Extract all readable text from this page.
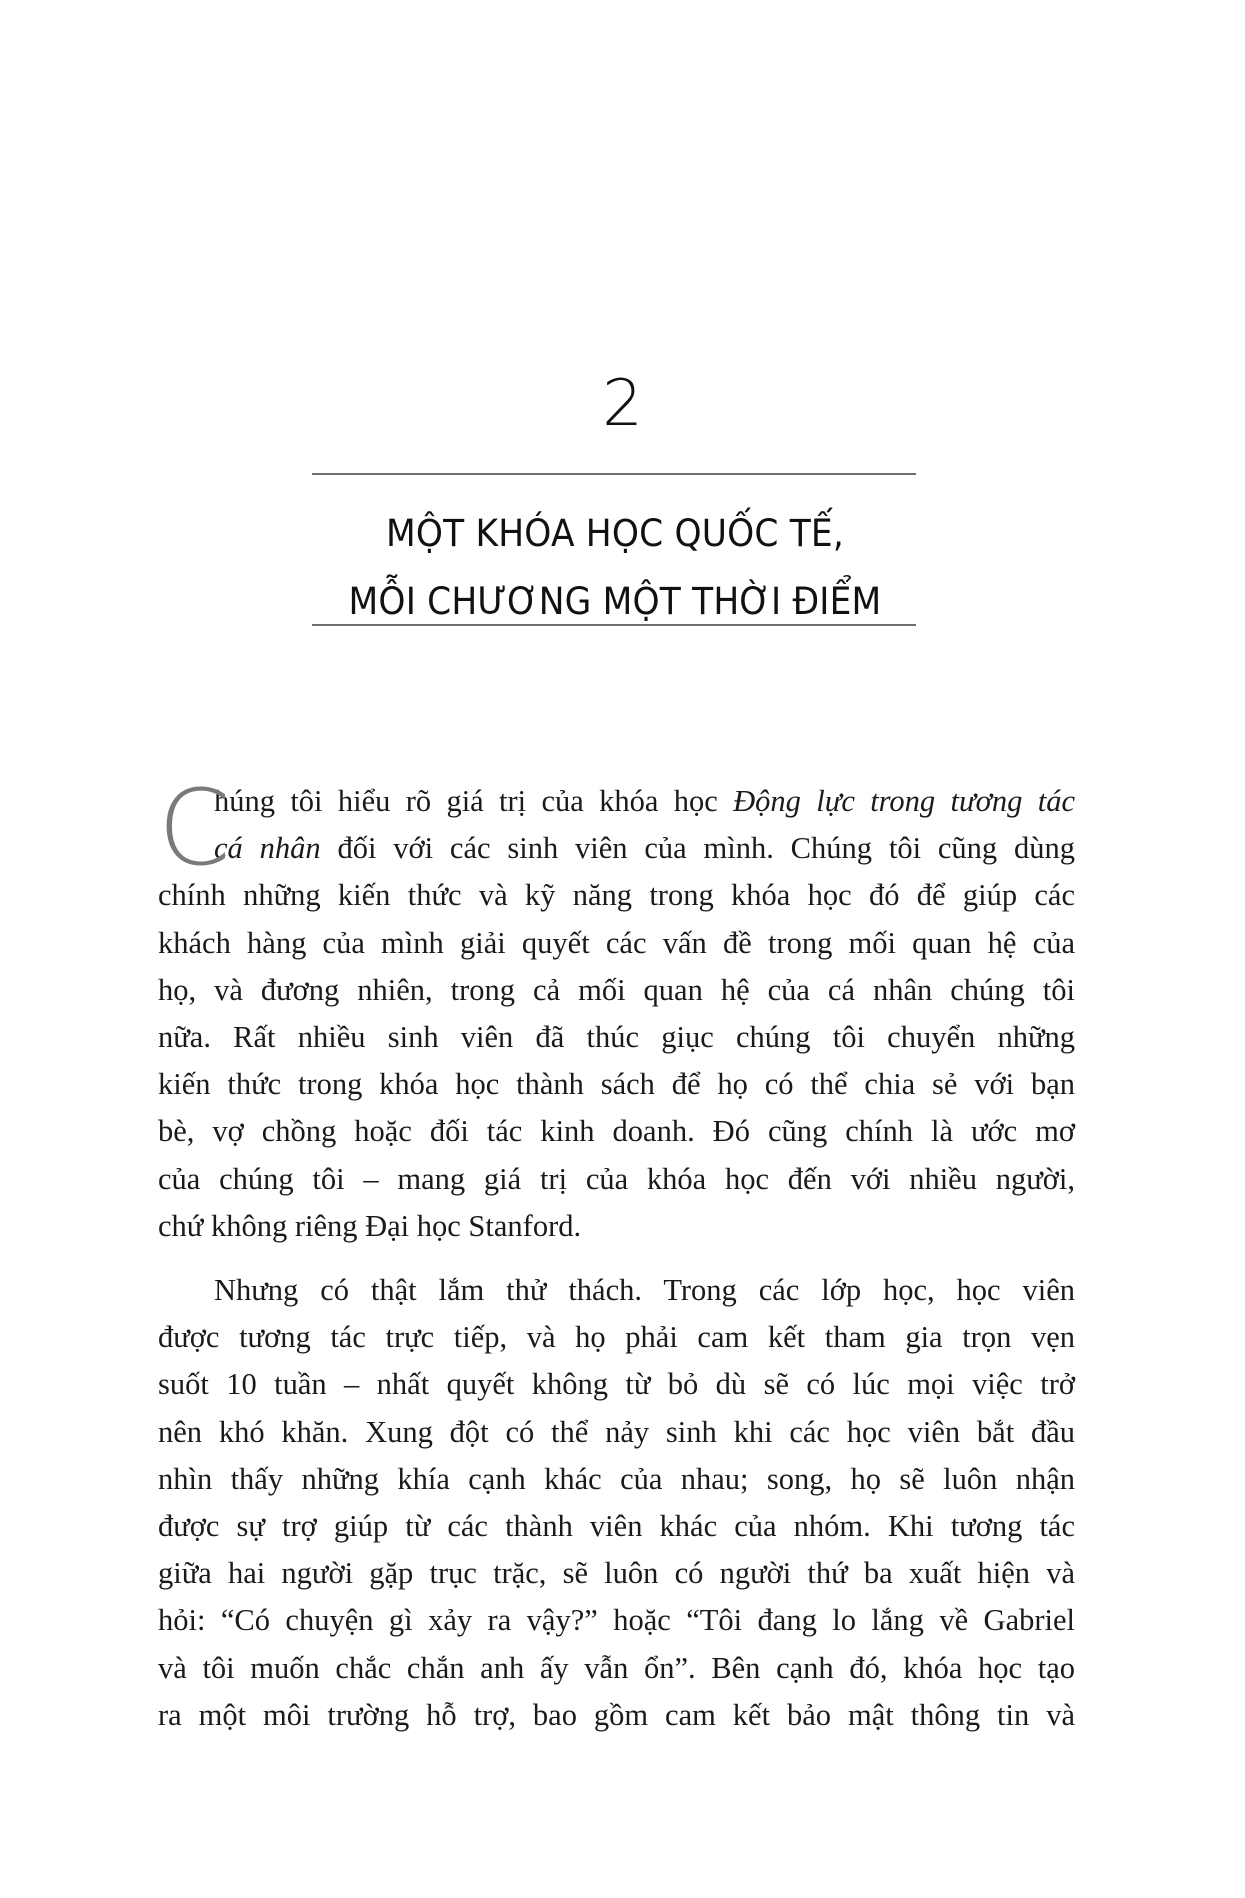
2
MỘT KHÓA HỌC QUỐC TẾ,
MỖI CHƯƠNG MỘT THỜI ĐIỂM
C
húng tôi hiểu rõ giá trị của khóa học Động lực trong tương tác
cá nhân đối với các sinh viên của mình. Chúng tôi cũng dùng
chính những kiến thức và kỹ năng trong khóa học đó để giúp các
khách hàng của mình giải quyết các vấn đề trong mối quan hệ của
họ, và đương nhiên, trong cả mối quan hệ của cá nhân chúng tôi
nữa. Rất nhiều sinh viên đã thúc giục chúng tôi chuyển những
kiến thức trong khóa học thành sách để họ có thể chia sẻ với bạn
bè, vợ chồng hoặc đối tác kinh doanh. Đó cũng chính là ước mơ
của chúng tôi – mang giá trị của khóa học đến với nhiều người,
chứ không riêng Đại học Stanford.
Nhưng có thật lắm thử thách. Trong các lớp học, học viên
được tương tác trực tiếp, và họ phải cam kết tham gia trọn vẹn
suốt 10 tuần – nhất quyết không từ bỏ dù sẽ có lúc mọi việc trở
nên khó khăn. Xung đột có thể nảy sinh khi các học viên bắt đầu
nhìn thấy những khía cạnh khác của nhau; song, họ sẽ luôn nhận
được sự trợ giúp từ các thành viên khác của nhóm. Khi tương tác
giữa hai người gặp trục trặc, sẽ luôn có người thứ ba xuất hiện và
hỏi: “Có chuyện gì xảy ra vậy?” hoặc “Tôi đang lo lắng về Gabriel
và tôi muốn chắc chắn anh ấy vẫn ổn”. Bên cạnh đó, khóa học tạo
ra một môi trường hỗ trợ, bao gồm cam kết bảo mật thông tin và
